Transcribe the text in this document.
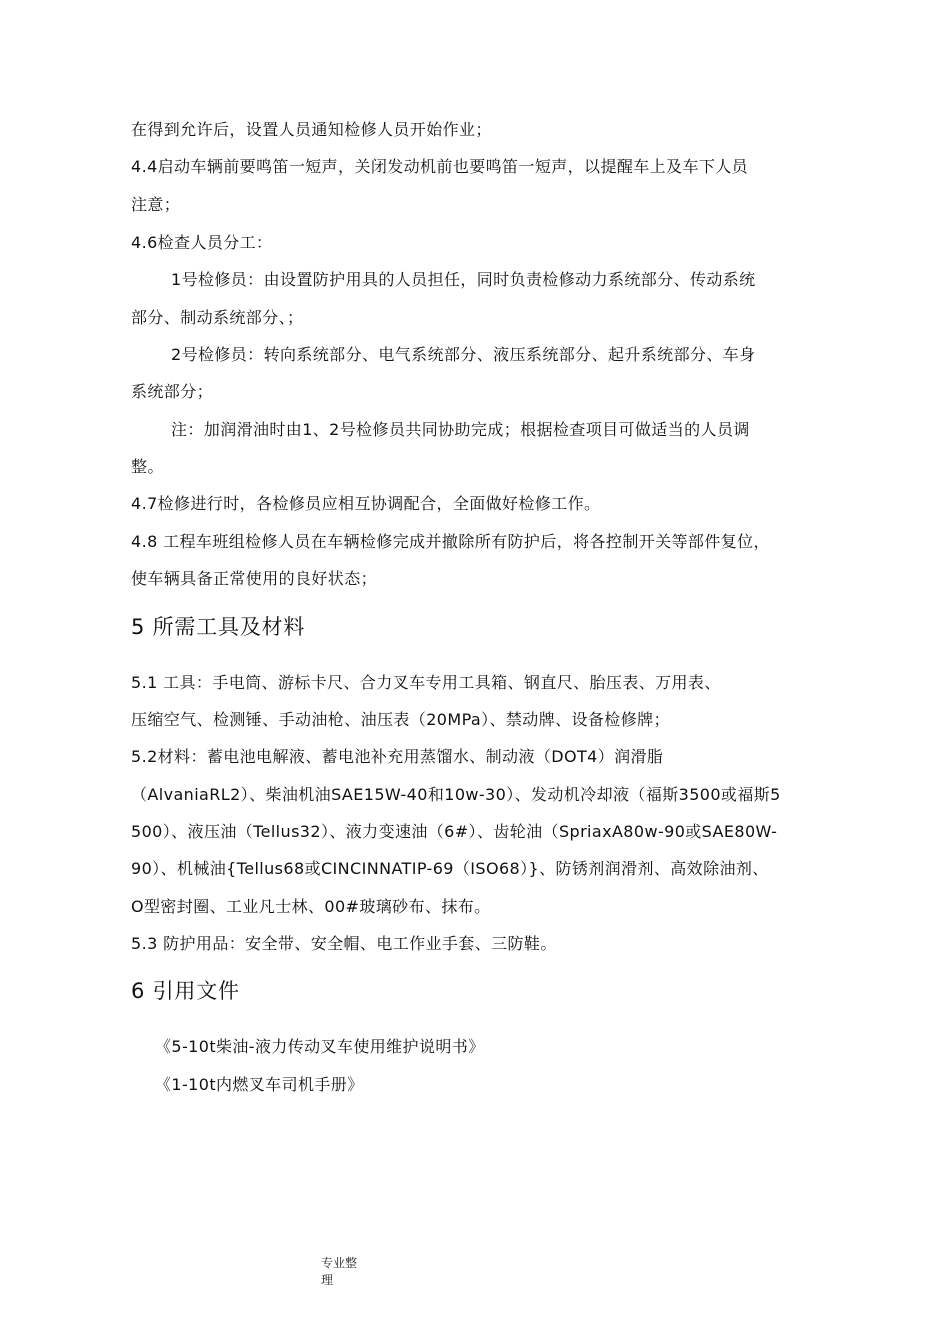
在得到允许后，设置人员通知检修人员开始作业；
4.4启动车辆前要鸣笛一短声，关闭发动机前也要鸣笛一短声，以提醒车上及车下人员
注意；
4.6检查人员分工：
1号检修员：由设置防护用具的人员担任，同时负责检修动力系统部分、传动系统
部分、制动系统部分、；
2号检修员：转向系统部分、电气系统部分、液压系统部分、起升系统部分、车身
系统部分；
注：加润滑油时由1、2号检修员共同协助完成；根据检查项目可做适当的人员调
整。
4.7检修进行时，各检修员应相互协调配合，全面做好检修工作。
4.8 工程车班组检修人员在车辆检修完成并撤除所有防护后，将各控制开关等部件复位，
使车辆具备正常使用的良好状态；
5 所需工具及材料
5.1 工具：手电筒、游标卡尺、合力叉车专用工具箱、钢直尺、胎压表、万用表、
压缩空气、检测锤、手动油枪、油压表（20MPa）、禁动牌、设备检修牌；
5.2材料：蓄电池电解液、蓄电池补充用蒸馏水、制动液（DOT4）润滑脂
（AlvaniaRL2）、柴油机油SAE15W-40和10w-30）、发动机冷却液（福斯3500或福斯5
500）、液压油（Tellus32）、液力变速油（6#）、齿轮油（SpriaxA80w-90或SAE80W-
90）、机械油{Tellus68或CINCINNATIP-69（ISO68）}、防锈剂润滑剂、高效除油剂、
O型密封圈、工业凡士林、00#玻璃砂布、抹布。
5.3 防护用品：安全带、安全帽、电工作业手套、三防鞋。
6 引用文件
《5-10t柴油-液力传动叉车使用维护说明书》
《1-10t内燃叉车司机手册》
专业整
理
